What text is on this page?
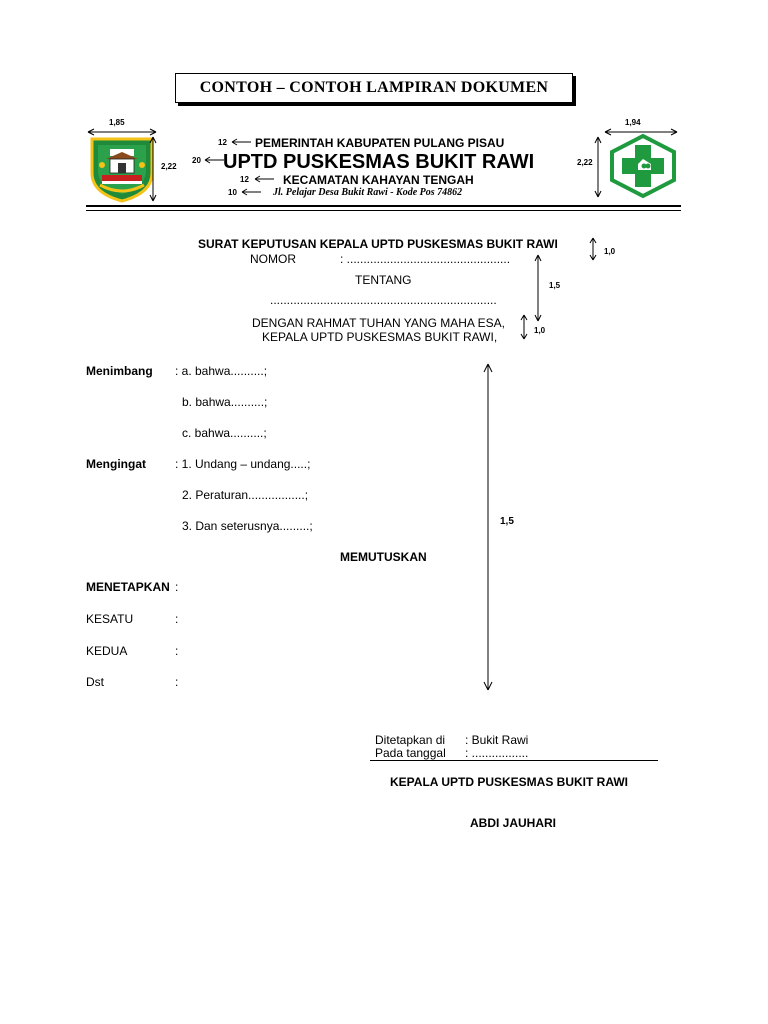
CONTOH – CONTOH LAMPIRAN DOKUMEN
1,85
2,22
1,94
2,22
12
20
12
10
PEMERINTAH KABUPATEN PULANG PISAU
UPTD PUSKESMAS BUKIT RAWI
KECAMATAN KAHAYAN TENGAH
Jl. Pelajar Desa Bukit Rawi - Kode Pos 74862
SURAT KEPUTUSAN KEPALA UPTD PUSKESMAS BUKIT RAWI
NOMOR	: .................................................
TENTANG
....................................................................
DENGAN RAHMAT TUHAN YANG MAHA ESA,
KEPALA UPTD PUSKESMAS BUKIT RAWI,
1,0
1,5
1,0
Menimbang : a. bahwa..........;
b. bahwa..........;
c. bahwa..........;
Mengingat : 1. Undang – undang.....;
2. Peraturan.................;
3. Dan seterusnya.........;	1,5
MEMUTUSKAN
MENETAPKAN :
KESATU	:
KEDUA	:
Dst	:
Ditetapkan di : Bukit Rawi
Pada tanggal : .................
KEPALA UPTD PUSKESMAS BUKIT RAWI
ABDI JAUHARI
